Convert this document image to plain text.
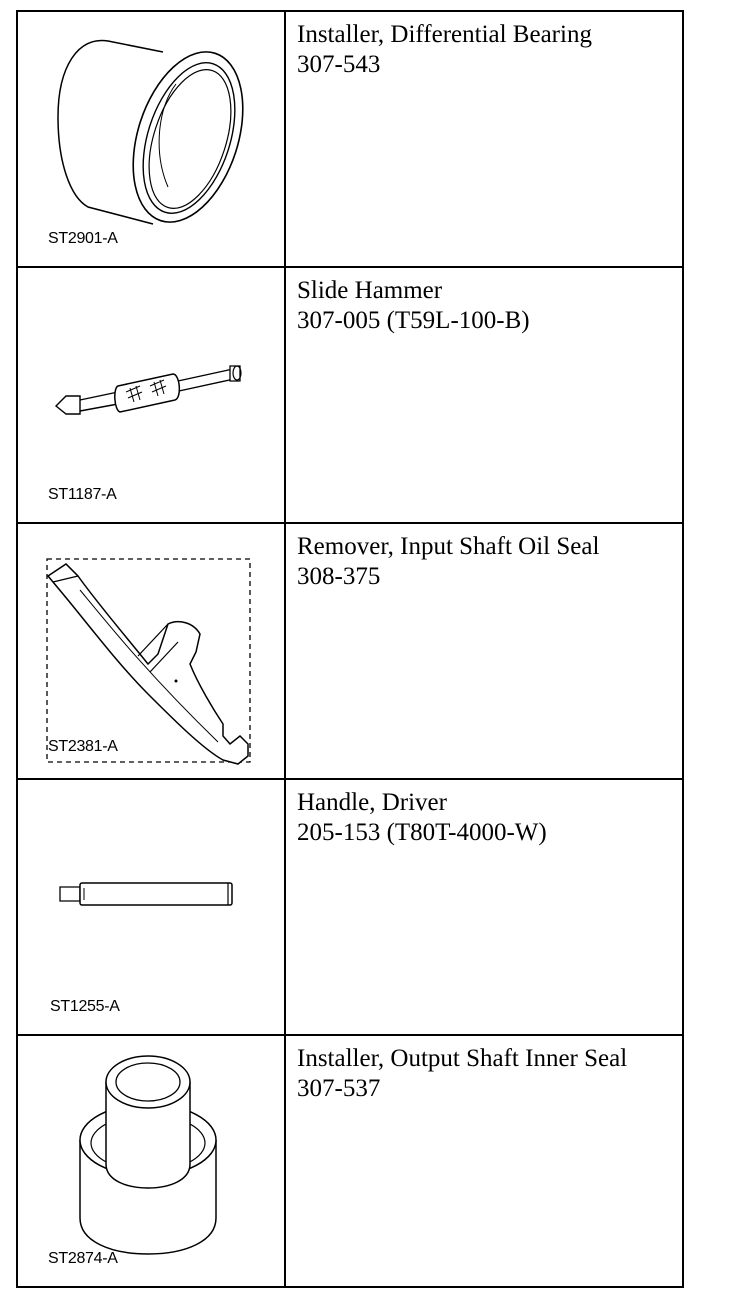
ST2901-A
Installer, Differential Bearing
307-543
ST1187-A
Slide Hammer
307-005 (T59L-100-B)
ST2381-A
Remover, Input Shaft Oil Seal
308-375
ST1255-A
Handle, Driver
205-153 (T80T-4000-W)
ST2874-A
Installer, Output Shaft Inner Seal
307-537
